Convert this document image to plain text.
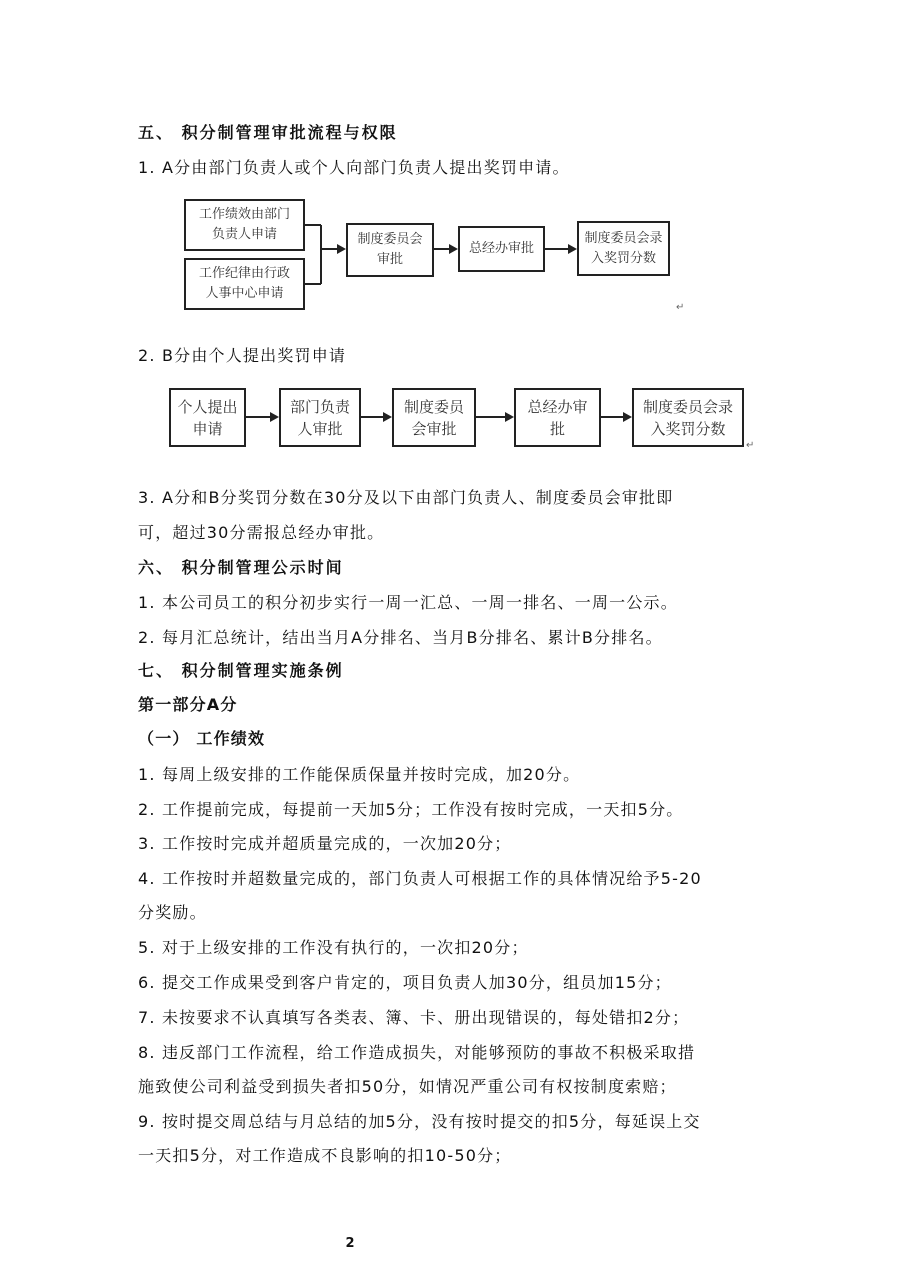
五、 积分制管理审批流程与权限
1. A分由部门负责人或个人向部门负责人提出奖罚申请。
工作绩效由部门
负责人申请
工作纪律由行政
人事中心申请
制度委员会
审批
总经办审批
制度委员会录
入奖罚分数
↵
2. B分由个人提出奖罚申请
个人提出
申请
部门负责
人审批
制度委员
会审批
总经办审
批
制度委员会录
入奖罚分数
↵
3. A分和B分奖罚分数在30分及以下由部门负责人、制度委员会审批即
可，超过30分需报总经办审批。
六、 积分制管理公示时间
1. 本公司员工的积分初步实行一周一汇总、一周一排名、一周一公示。
2. 每月汇总统计，结出当月A分排名、当月B分排名、累计B分排名。
七、 积分制管理实施条例
第一部分A分
（一） 工作绩效
1. 每周上级安排的工作能保质保量并按时完成，加20分。
2. 工作提前完成，每提前一天加5分；工作没有按时完成，一天扣5分。
3. 工作按时完成并超质量完成的，一次加20分；
4. 工作按时并超数量完成的，部门负责人可根据工作的具体情况给予5-20
分奖励。
5. 对于上级安排的工作没有执行的，一次扣20分；
6. 提交工作成果受到客户肯定的，项目负责人加30分，组员加15分；
7. 未按要求不认真填写各类表、簿、卡、册出现错误的，每处错扣2分；
8. 违反部门工作流程，给工作造成损失，对能够预防的事故不积极采取措
施致使公司利益受到损失者扣50分，如情况严重公司有权按制度索赔；
9. 按时提交周总结与月总结的加5分，没有按时提交的扣5分，每延误上交
一天扣5分，对工作造成不良影响的扣10-50分；
2
